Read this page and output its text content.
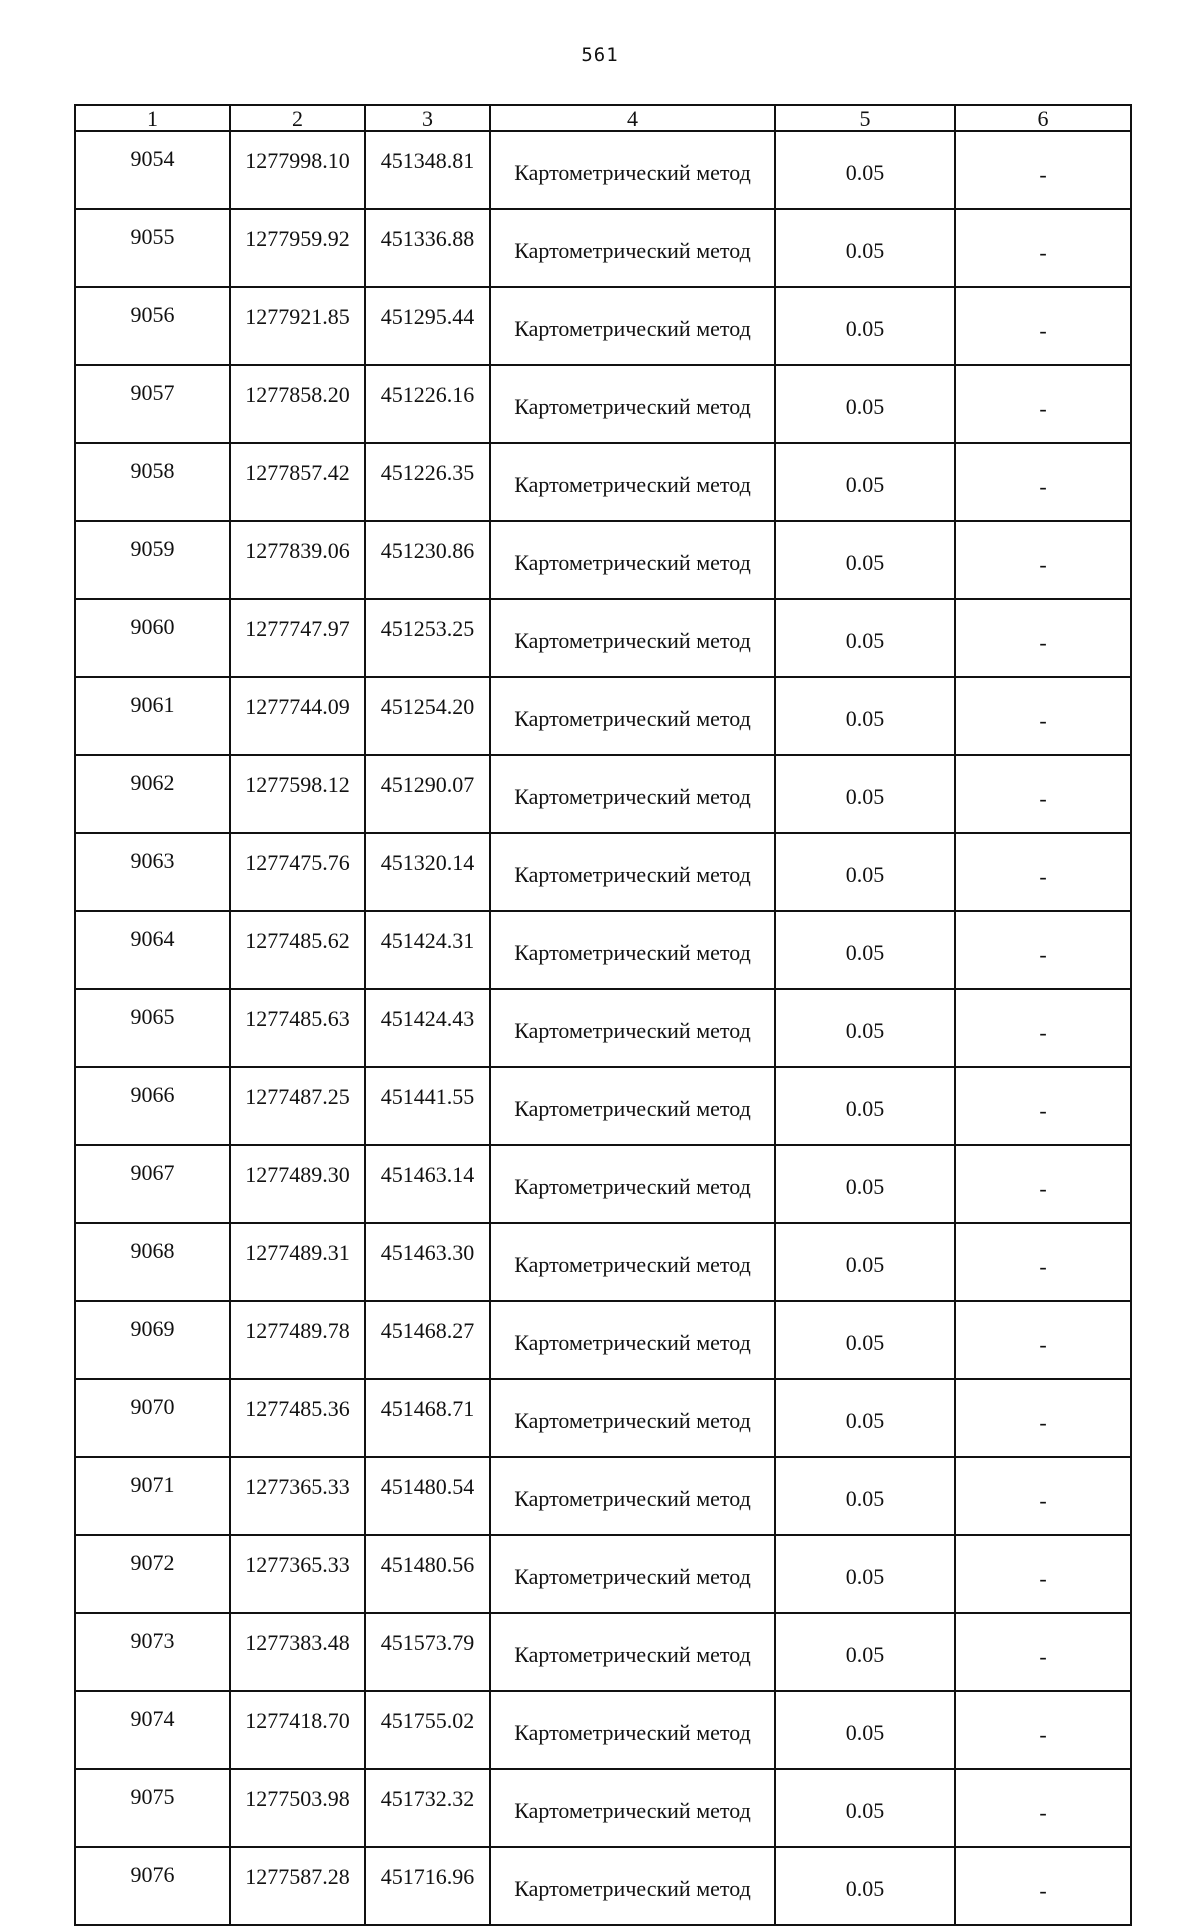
561
1	2	3	4	5	6
9054	1277998.10	451348.81	Картометрический метод	0.05	-
9055	1277959.92	451336.88	Картометрический метод	0.05	-
9056	1277921.85	451295.44	Картометрический метод	0.05	-
9057	1277858.20	451226.16	Картометрический метод	0.05	-
9058	1277857.42	451226.35	Картометрический метод	0.05	-
9059	1277839.06	451230.86	Картометрический метод	0.05	-
9060	1277747.97	451253.25	Картометрический метод	0.05	-
9061	1277744.09	451254.20	Картометрический метод	0.05	-
9062	1277598.12	451290.07	Картометрический метод	0.05	-
9063	1277475.76	451320.14	Картометрический метод	0.05	-
9064	1277485.62	451424.31	Картометрический метод	0.05	-
9065	1277485.63	451424.43	Картометрический метод	0.05	-
9066	1277487.25	451441.55	Картометрический метод	0.05	-
9067	1277489.30	451463.14	Картометрический метод	0.05	-
9068	1277489.31	451463.30	Картометрический метод	0.05	-
9069	1277489.78	451468.27	Картометрический метод	0.05	-
9070	1277485.36	451468.71	Картометрический метод	0.05	-
9071	1277365.33	451480.54	Картометрический метод	0.05	-
9072	1277365.33	451480.56	Картометрический метод	0.05	-
9073	1277383.48	451573.79	Картометрический метод	0.05	-
9074	1277418.70	451755.02	Картометрический метод	0.05	-
9075	1277503.98	451732.32	Картометрический метод	0.05	-
9076	1277587.28	451716.96	Картометрический метод	0.05	-
